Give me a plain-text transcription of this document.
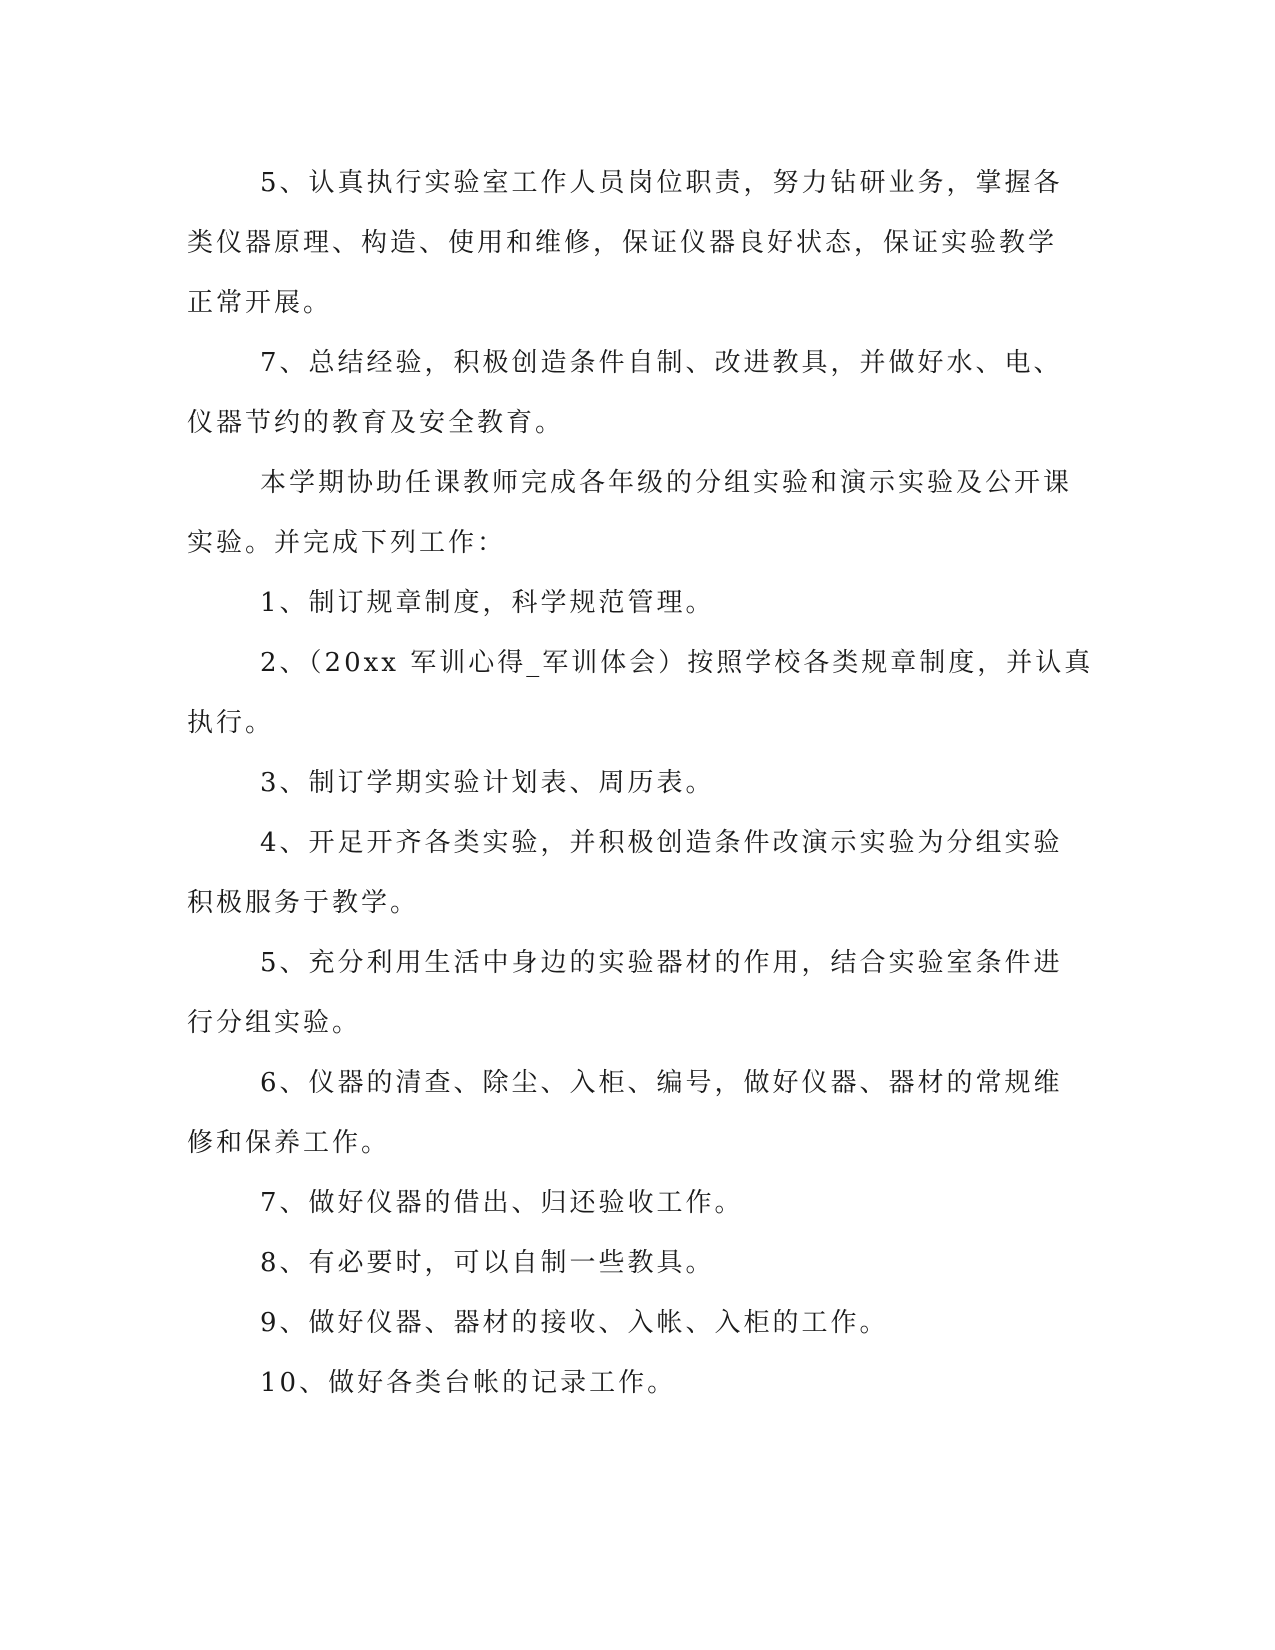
5、认真执行实验室工作人员岗位职责，努力钻研业务，掌握各
类仪器原理、构造、使用和维修，保证仪器良好状态，保证实验教学
正常开展。
7、总结经验，积极创造条件自制、改进教具，并做好水、电、
仪器节约的教育及安全教育。
本学期协助任课教师完成各年级的分组实验和演示实验及公开课
实验。并完成下列工作：
1、制订规章制度，科学规范管理。
2、（20xx 军训心得_军训体会）按照学校各类规章制度，并认真
执行。
3、制订学期实验计划表、周历表。
4、开足开齐各类实验，并积极创造条件改演示实验为分组实验
积极服务于教学。
5、充分利用生活中身边的实验器材的作用，结合实验室条件进
行分组实验。
6、仪器的清查、除尘、入柜、编号，做好仪器、器材的常规维
修和保养工作。
7、做好仪器的借出、归还验收工作。
8、有必要时，可以自制一些教具。
9、做好仪器、器材的接收、入帐、入柜的工作。
10、做好各类台帐的记录工作。
